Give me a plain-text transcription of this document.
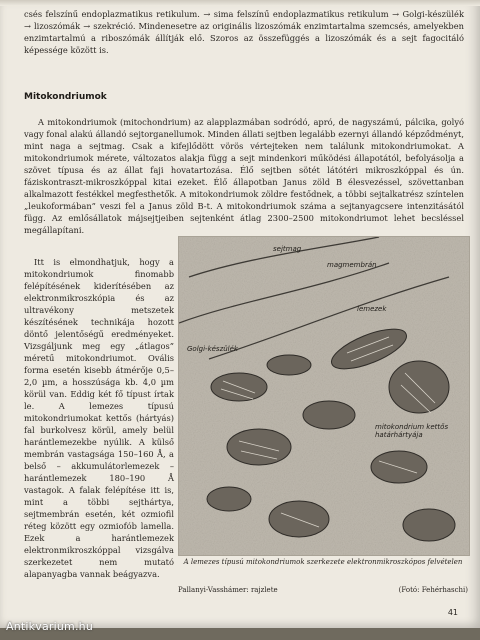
csés felszínű endoplazmatikus retikulum. → sima felszínű endoplazmatikus retikulum → Golgi-készülék → lizoszómák → szekréció. Mindenesetre az originális lizoszómák enzimtartalma szemcsés, amelyekben enzimtartalmú a riboszómák állítják elő. Szoros az összefüggés a lizoszómák és a sejt fagocitáló képessége között is.
Mitokondriumok
A mitokondriumok (mitochondrium) az alapplazmában sodródó, apró, de nagyszámú, pálcika, golyó vagy fonal alakú állandó sejtorganellumok. Minden állati sejtben legalább ezernyi állandó képződményt, mint naga a sejtmag. Csak a kifejlődött vörös vértejteken nem találunk mitokondriumokat. A mitokondriumok mérete, változatos alakja függ a sejt mindenkori működési állapotától, befolyásolja a szövet típusa és az állat faji hovatartozása. Élő sejtben sötét látótéri mikroszkóppal és ún. fáziskontraszt-mikroszkóppal kitai ezeket. Élő állapotban Janus zöld B élesvezéssel, szövettanban alkalmazott festékkel megfesthetők. A mitokondriumok zöldre festődnek, a többi sejtalkatrész színtelen „leukoformában” veszi fel a Janus zöld B-t. A mitokondriumok száma a sejtanyagcsere intenzitásától függ. Az emlősállatok májsejtjeiben sejtenként átlag 2300–2500 mitokondriumot lehet becsléssel megállapítani.
Itt is elmondhatjuk, hogy a mitokondriumok finomabb felépítésének kiderítésében az elektronmikroszkópia és az ultravékony metszetek készítésének technikája hozott döntő jelentőségű eredményeket. Vizsgáljunk meg egy „átlagos” méretű mitokondriumot. Ovális forma esetén kisebb átmérője 0,5–2,0 µm, a hosszúsága kb. 4,0 µm körül van. Eddig két fő típust írtak le. A lemezes típusú mitokondriumokat kettős (hártyás) fal burkolvesz körül, amely belül harántlemezekbe nyúlik. A külső membrán vastagsága 150–160 Å, a belső – akkumulátorlemezek – harántlemezek 180–190 Å vastagok. A falak felépítése itt is, mint a többi sejthártya, sejtmembrán esetén, két ozmiofil réteg között egy ozmiofób lamella. Ezek a harántlemezek elektronmikroszkóppal vizsgálva szerkezetet nem mutató alapanyagba vannak beágyazva.
sejtmag
magmembrán
lemezek
Golgi-készülék
mitokondrium kettős határhártyája
A lemezes típusú mitokondriumok szerkezete elektronmikroszkópos felvételen
Pallanyi-Vasshámer: rajzlete	(Fotó: Fehérhaschi)
41
Antikvarium.hu
